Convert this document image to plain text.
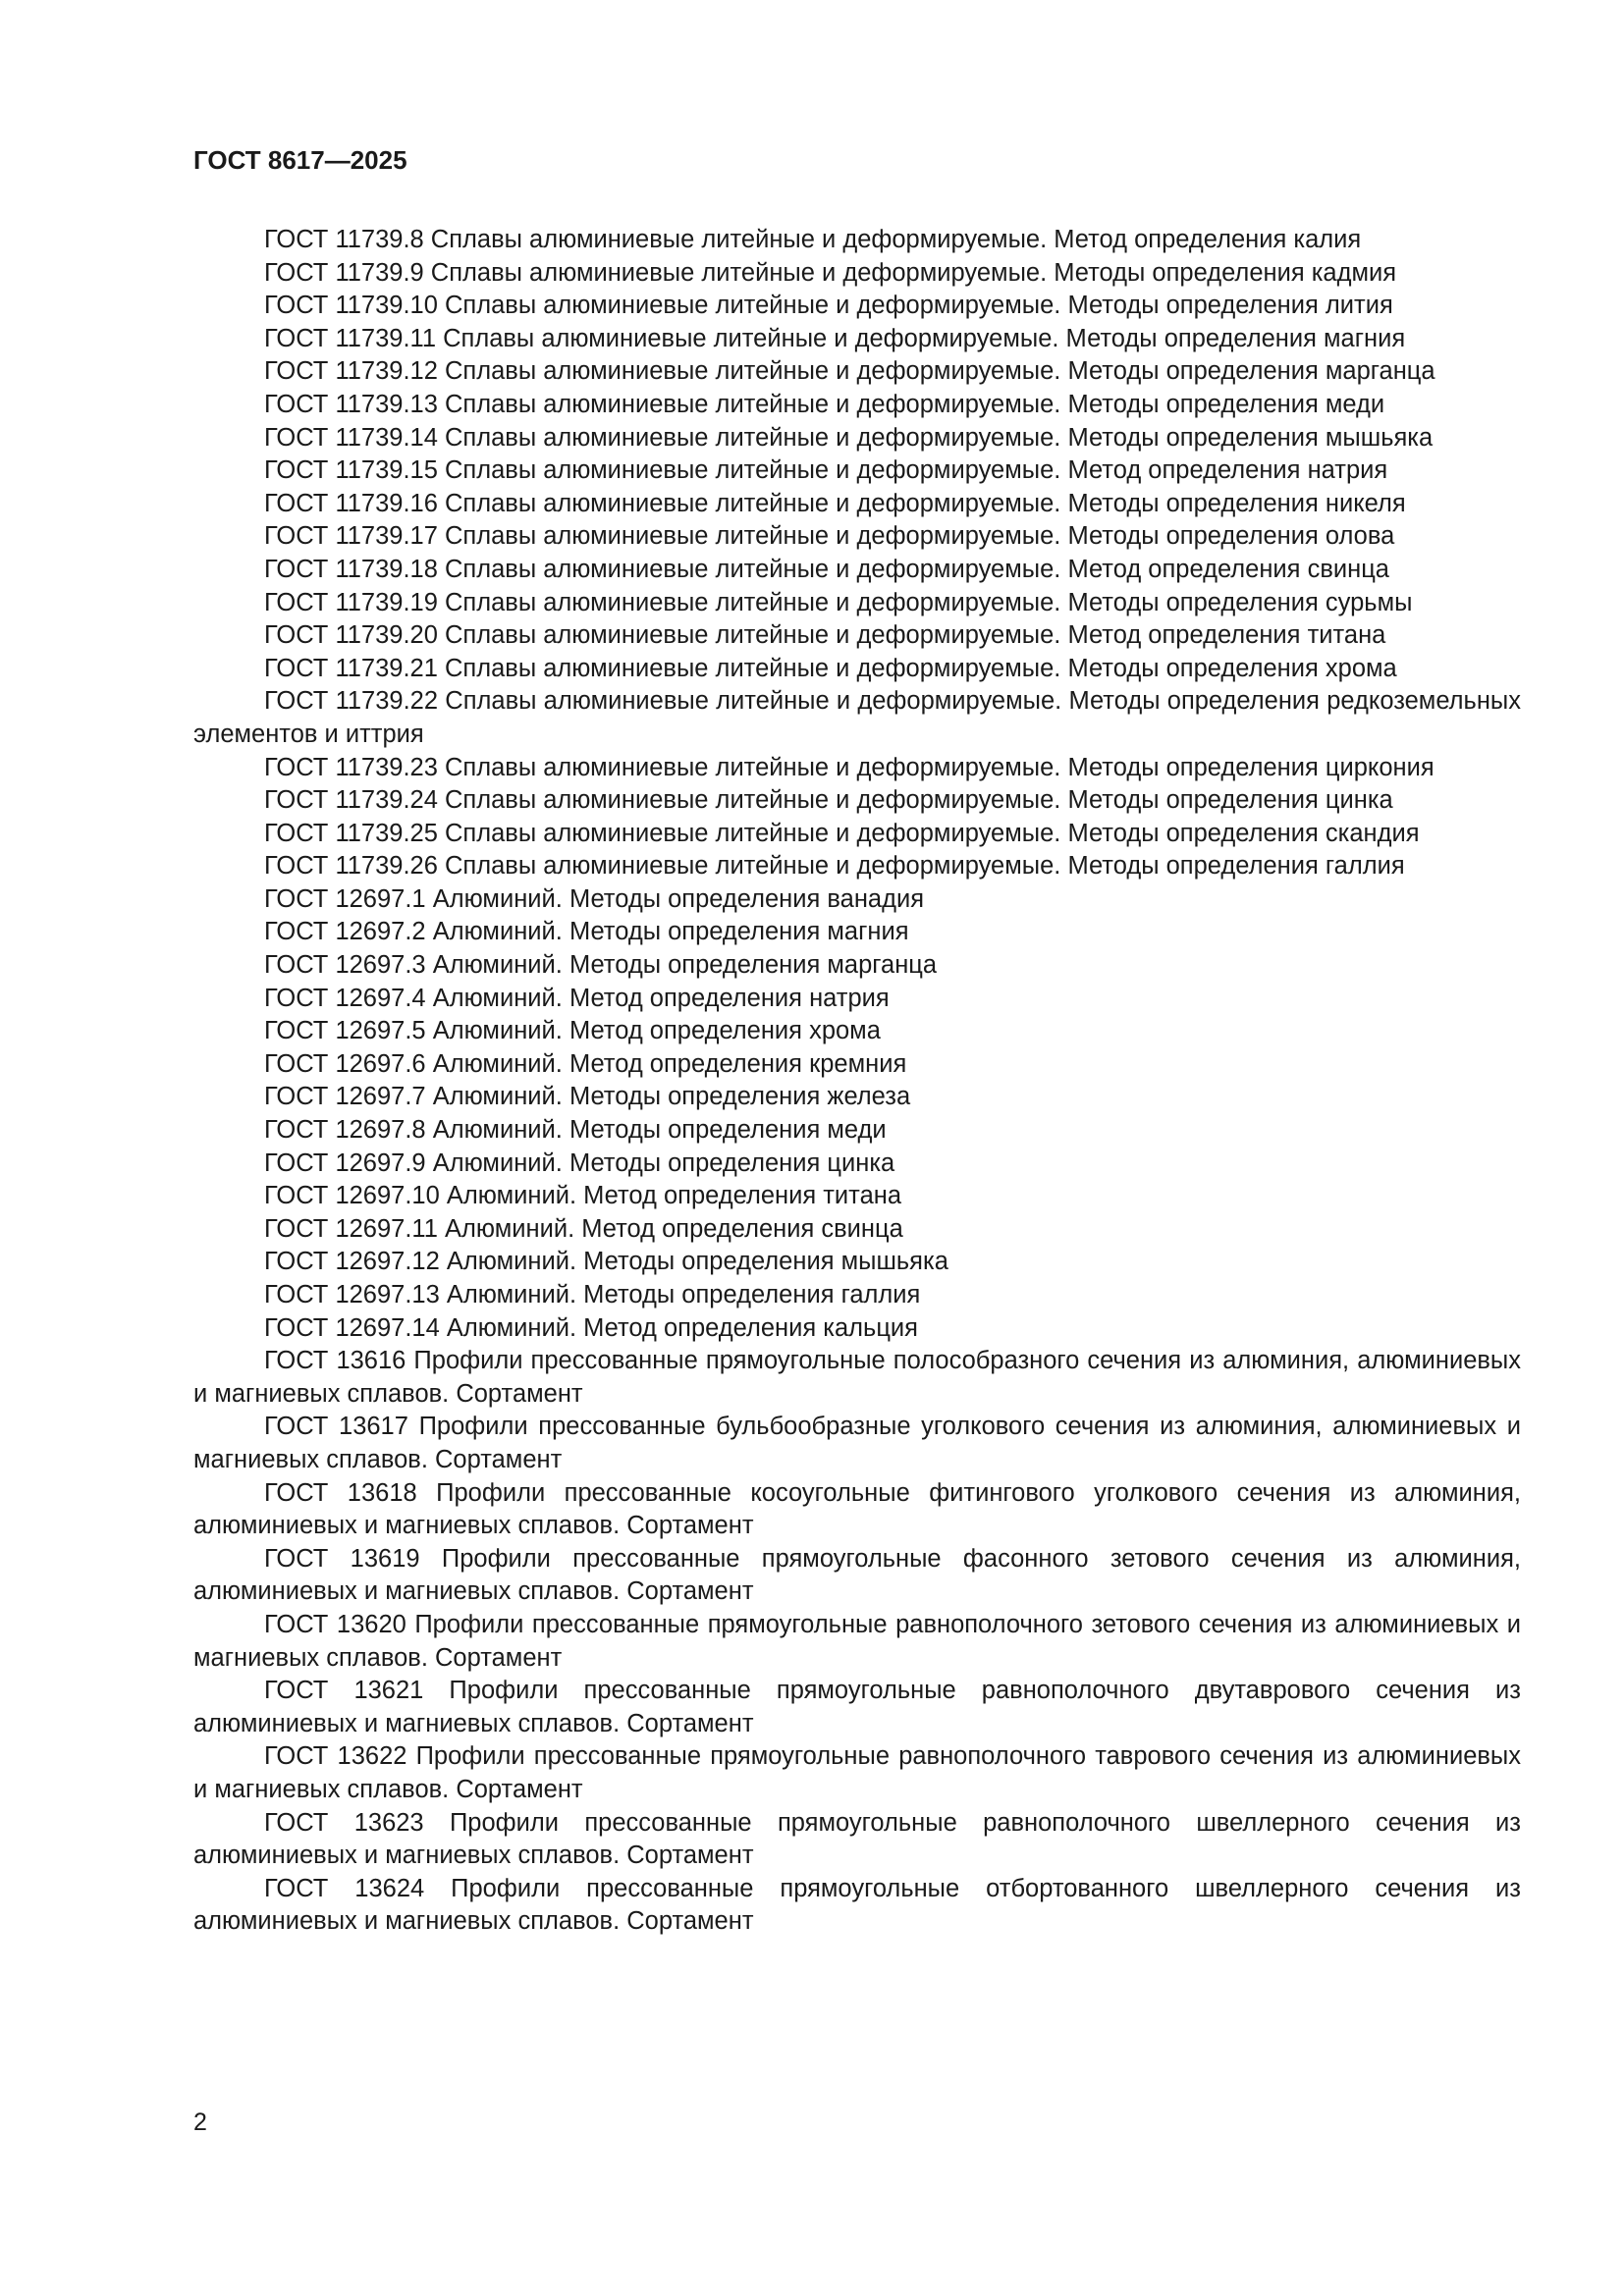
ГОСТ 8617—2025

ГОСТ 11739.8 Сплавы алюминиевые литейные и деформируемые. Метод определения калия

ГОСТ 11739.9 Сплавы алюминиевые литейные и деформируемые. Методы определения кадмия

ГОСТ 11739.10 Сплавы алюминиевые литейные и деформируемые. Методы определения лития

ГОСТ 11739.11 Сплавы алюминиевые литейные и деформируемые. Методы определения магния

ГОСТ 11739.12 Сплавы алюминиевые литейные и деформируемые. Методы определения марганца

ГОСТ 11739.13 Сплавы алюминиевые литейные и деформируемые. Методы определения меди

ГОСТ 11739.14 Сплавы алюминиевые литейные и деформируемые. Методы определения мышьяка

ГОСТ 11739.15 Сплавы алюминиевые литейные и деформируемые. Метод определения натрия

ГОСТ 11739.16 Сплавы алюминиевые литейные и деформируемые. Методы определения никеля

ГОСТ 11739.17 Сплавы алюминиевые литейные и деформируемые. Методы определения олова

ГОСТ 11739.18 Сплавы алюминиевые литейные и деформируемые. Метод определения свинца

ГОСТ 11739.19 Сплавы алюминиевые литейные и деформируемые. Методы определения сурьмы

ГОСТ 11739.20 Сплавы алюминиевые литейные и деформируемые. Метод определения титана

ГОСТ 11739.21 Сплавы алюминиевые литейные и деформируемые. Методы определения хрома

ГОСТ 11739.22 Сплавы алюминиевые литейные и деформируемые. Методы определения редкоземельных элементов и иттрия

ГОСТ 11739.23 Сплавы алюминиевые литейные и деформируемые. Методы определения циркония

ГОСТ 11739.24 Сплавы алюминиевые литейные и деформируемые. Методы определения цинка

ГОСТ 11739.25 Сплавы алюминиевые литейные и деформируемые. Методы определения скандия

ГОСТ 11739.26 Сплавы алюминиевые литейные и деформируемые. Методы определения галлия

ГОСТ 12697.1 Алюминий. Методы определения ванадия

ГОСТ 12697.2 Алюминий. Методы определения магния

ГОСТ 12697.3 Алюминий. Методы определения марганца

ГОСТ 12697.4 Алюминий. Метод определения натрия

ГОСТ 12697.5 Алюминий. Метод определения хрома

ГОСТ 12697.6 Алюминий. Метод определения кремния

ГОСТ 12697.7 Алюминий. Методы определения железа

ГОСТ 12697.8 Алюминий. Методы определения меди

ГОСТ 12697.9 Алюминий. Методы определения цинка

ГОСТ 12697.10 Алюминий. Метод определения титана

ГОСТ 12697.11 Алюминий. Метод определения свинца

ГОСТ 12697.12 Алюминий. Методы определения мышьяка

ГОСТ 12697.13 Алюминий. Методы определения галлия

ГОСТ 12697.14 Алюминий. Метод определения кальция

ГОСТ 13616 Профили прессованные прямоугольные полособразного сечения из алюминия, алюминиевых и магниевых сплавов. Сортамент

ГОСТ 13617 Профили прессованные бульбообразные уголкового сечения из алюминия, алюминиевых и магниевых сплавов. Сортамент

ГОСТ 13618 Профили прессованные косоугольные фитингового уголкового сечения из алюминия, алюминиевых и магниевых сплавов. Сортамент

ГОСТ 13619 Профили прессованные прямоугольные фасонного зетового сечения из алюминия, алюминиевых и магниевых сплавов. Сортамент

ГОСТ 13620 Профили прессованные прямоугольные равнополочного зетового сечения из алюминиевых и магниевых сплавов. Сортамент

ГОСТ 13621 Профили прессованные прямоугольные равнополочного двутаврового сечения из алюминиевых и магниевых сплавов. Сортамент

ГОСТ 13622 Профили прессованные прямоугольные равнополочного таврового сечения из алюминиевых и магниевых сплавов. Сортамент

ГОСТ 13623 Профили прессованные прямоугольные равнополочного швеллерного сечения из алюминиевых и магниевых сплавов. Сортамент

ГОСТ 13624 Профили прессованные прямоугольные отбортованного швеллерного сечения из алюминиевых и магниевых сплавов. Сортамент

2
